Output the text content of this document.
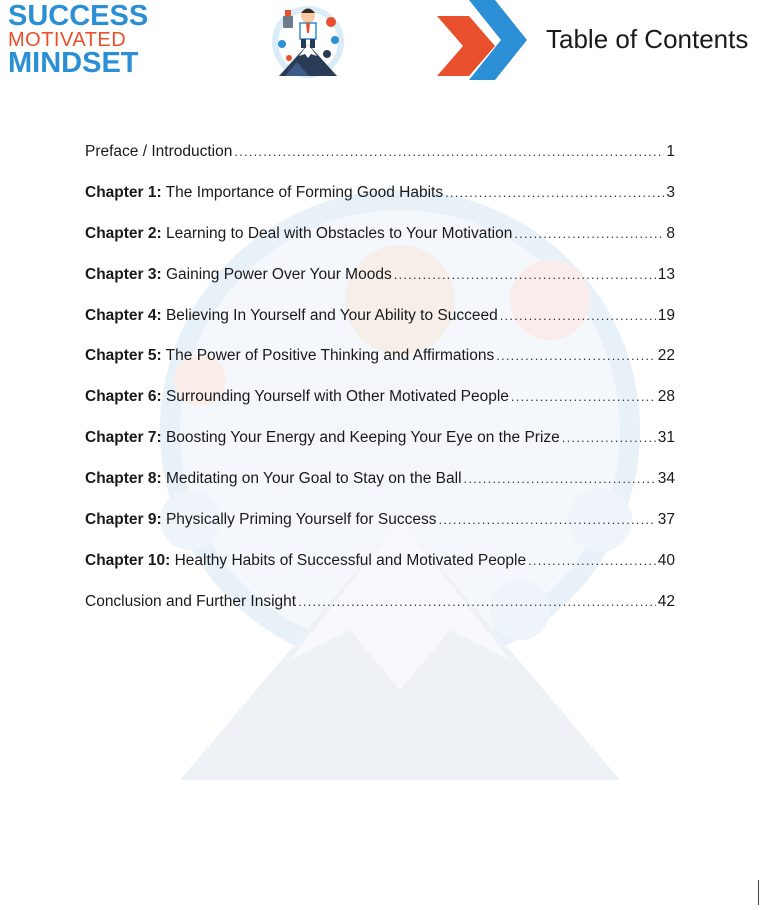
SUCCESS
MOTIVATED
MINDSET
Table of Contents
Preface / Introduction .....	1
Chapter 1: The Importance of Forming Good Habits .....	3
Chapter 2: Learning to Deal with Obstacles to Your Motivation .....	8
Chapter 3: Gaining Power Over Your Moods .....	13
Chapter 4: Believing In Yourself and Your Ability to Succeed .....	19
Chapter 5: The Power of Positive Thinking and Affirmations .....	22
Chapter 6: Surrounding Yourself with Other Motivated People .....	28
Chapter 7: Boosting Your Energy and Keeping Your Eye on the Prize .....	31
Chapter 8: Meditating on Your Goal to Stay on the Ball .....	34
Chapter 9: Physically Priming Yourself for Success .....	37
Chapter 10: Healthy Habits of Successful and Motivated People .....	40
Conclusion and Further Insight .....	42
